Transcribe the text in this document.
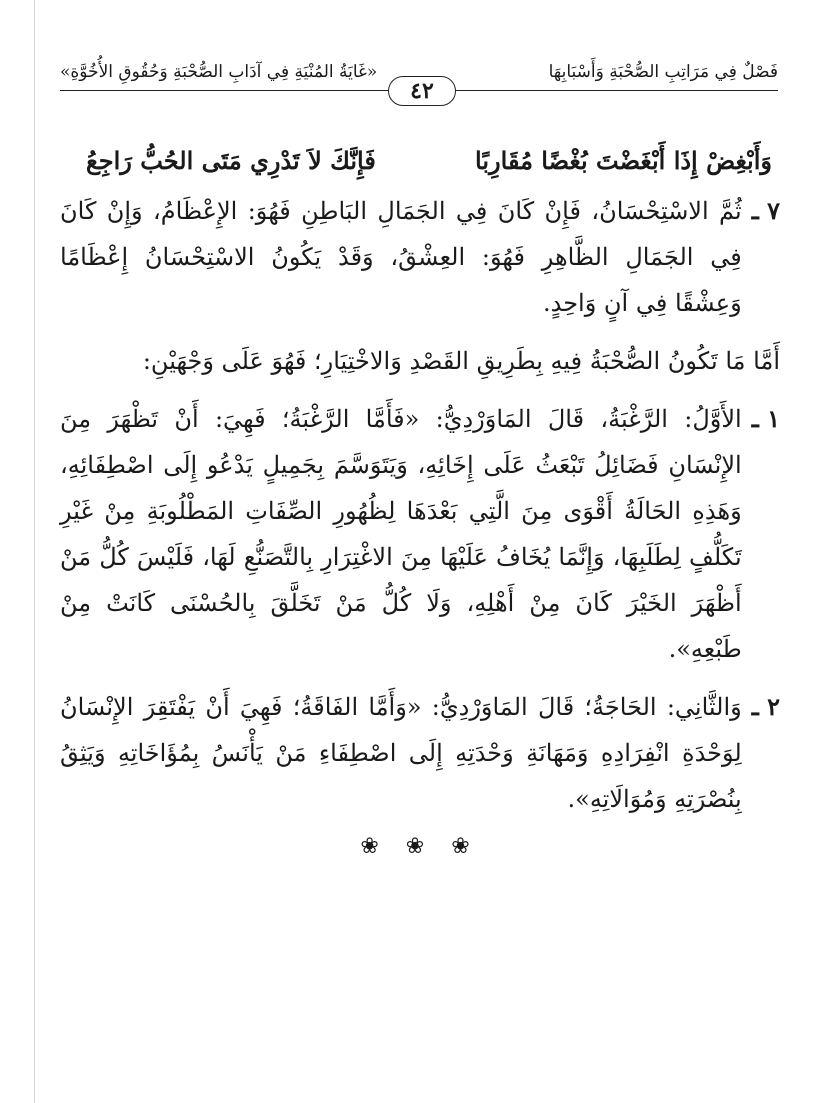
فَصْلٌ فِي مَرَاتِبِ الصُّحْبَةِ وَأَسْبَابِهَا
«غَايَةُ المُنْيَةِ فِي آدَابِ الصُّحْبَةِ وَحُقُوقِ الأُخُوَّةِ»
٤٢
وَأَبْغِضْ إِذَا أَبْغَضْتَ بُغْضًا مُقَارِبًا
فَإِنَّكَ لاَ تَدْرِي مَتَى الحُبُّ رَاجِعُ
٧ ـ
ثُمَّ الاسْتِحْسَانُ، فَإِنْ كَانَ فِي الجَمَالِ البَاطِنِ فَهُوَ: الإِعْظَامُ، وَإِنْ كَانَ فِي الجَمَالِ الظَّاهِرِ فَهُوَ: العِشْقُ، وَقَدْ يَكُونُ الاسْتِحْسَانُ إِعْظَامًا وَعِشْقًا فِي آنٍ وَاحِدٍ.

أَمَّا مَا تَكُونُ الصُّحْبَةُ فِيهِ بِطَرِيقِ القَصْدِ وَالاخْتِيَارِ؛ فَهُوَ عَلَى وَجْهَيْنِ:

١ ـ
الأَوَّلُ: الرَّغْبَةُ، قَالَ المَاوَرْدِيُّ: «فَأَمَّا الرَّغْبَةُ؛ فَهِيَ: أَنْ تَظْهَرَ مِنَ الإِنْسَانِ فَضَائِلُ تَبْعَثُ عَلَى إِخَائِهِ، وَيَتَوَسَّمَ بِجَمِيلٍ يَدْعُو إِلَى اصْطِفَائِهِ، وَهَذِهِ الحَالَةُ أَقْوَى مِنَ الَّتِي بَعْدَهَا لِظُهُورِ الصِّفَاتِ المَطْلُوبَةِ مِنْ غَيْرِ تَكَلُّفٍ لِطَلَبِهَا، وَإِنَّمَا يُخَافُ عَلَيْهَا مِنَ الاغْتِرَارِ بِالتَّصَنُّعِ لَهَا، فَلَيْسَ كُلُّ مَنْ أَظْهَرَ الخَيْرَ كَانَ مِنْ أَهْلِهِ، وَلَا كُلُّ مَنْ تَخَلَّقَ بِالحُسْنَى كَانَتْ مِنْ طَبْعِهِ».
٢ ـ
وَالثَّانِي: الحَاجَةُ؛ قَالَ المَاوَرْدِيُّ: «وَأَمَّا الفَاقَةُ؛ فَهِيَ أَنْ يَفْتَقِرَ الإِنْسَانُ لِوَحْدَةِ انْفِرَادِهِ وَمَهَانَةِ وَحْدَتِهِ إِلَى اصْطِفَاءِ مَنْ يَأْنَسُ بِمُؤَاخَاتِهِ وَيَثِقُ بِنُصْرَتِهِ وَمُوَالَاتِهِ».
❀ ❀ ❀
